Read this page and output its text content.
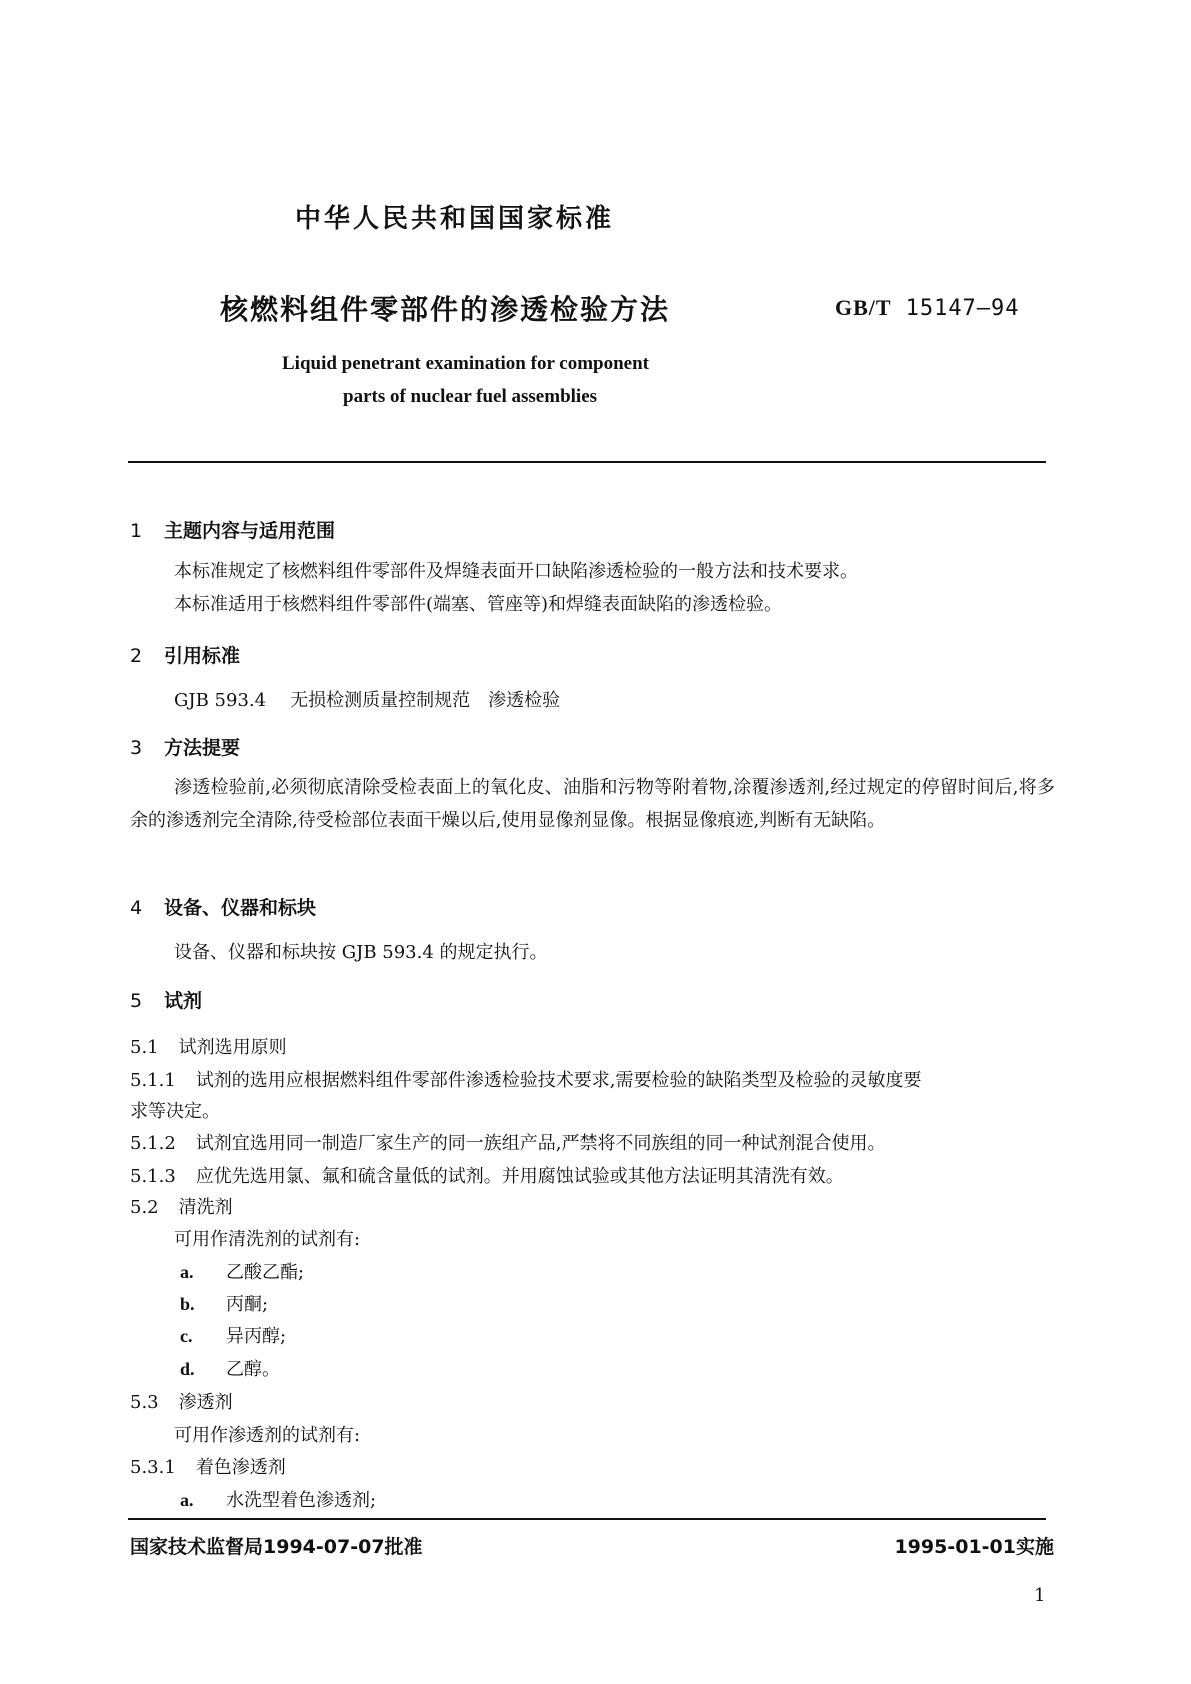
中华人民共和国国家标准
核燃料组件零部件的渗透检验方法	GB/T 15147—94
Liquid penetrant examination for component
parts of nuclear fuel assemblies
1 主题内容与适用范围
本标准规定了核燃料组件零部件及焊缝表面开口缺陷渗透检验的一般方法和技术要求。
本标准适用于核燃料组件零部件(端塞、管座等)和焊缝表面缺陷的渗透检验。
2 引用标准
GJB 593.4 无损检测质量控制规范　渗透检验
3 方法提要
渗透检验前,必须彻底清除受检表面上的氧化皮、油脂和污物等附着物,涂覆渗透剂,经过规定的停留时间后,将多余的渗透剂完全清除,待受检部位表面干燥以后,使用显像剂显像。根据显像痕迹,判断有无缺陷。
4 设备、仪器和标块
设备、仪器和标块按 GJB 593.4 的规定执行。
5 试剂
5.1 试剂选用原则
5.1.1 试剂的选用应根据燃料组件零部件渗透检验技术要求,需要检验的缺陷类型及检验的灵敏度要
求等决定。
5.1.2 试剂宜选用同一制造厂家生产的同一族组产品,严禁将不同族组的同一种试剂混合使用。
5.1.3 应优先选用氯、氟和硫含量低的试剂。并用腐蚀试验或其他方法证明其清洗有效。
5.2 清洗剂
可用作清洗剂的试剂有:
a. 乙酸乙酯;
b. 丙酮;
c. 异丙醇;
d. 乙醇。
5.3 渗透剂
可用作渗透剂的试剂有:
5.3.1 着色渗透剂
a. 水洗型着色渗透剂;
国家技术监督局1994-07-07批准	1995-01-01实施
1
